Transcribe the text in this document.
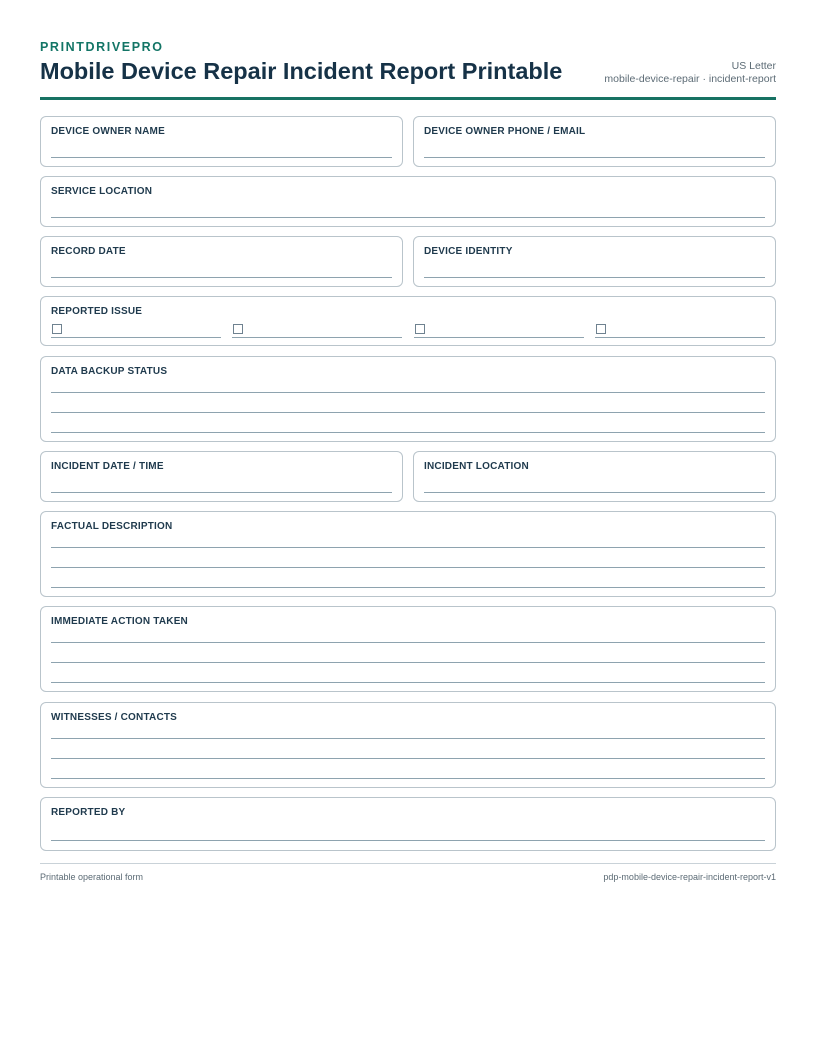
PRINTDRIVEPRO
Mobile Device Repair Incident Report Printable	US Letter
mobile-device-repair · incident-report
DEVICE OWNER NAME	DEVICE OWNER PHONE / EMAIL
SERVICE LOCATION
RECORD DATE	DEVICE IDENTITY
REPORTED ISSUE
DATA BACKUP STATUS
INCIDENT DATE / TIME	INCIDENT LOCATION
FACTUAL DESCRIPTION
IMMEDIATE ACTION TAKEN
WITNESSES / CONTACTS
REPORTED BY
Printable operational form	pdp-mobile-device-repair-incident-report-v1
